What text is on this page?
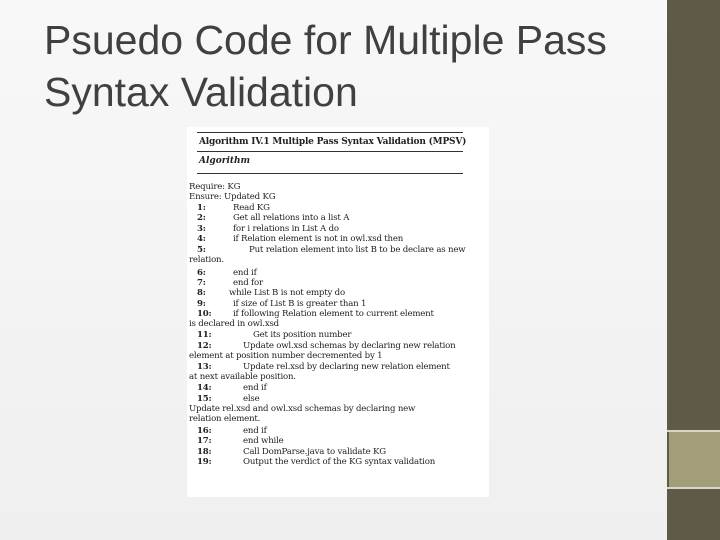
Psuedo Code for Multiple Pass
Syntax Validation
Algorithm IV.1 Multiple Pass Syntax Validation (MPSV)
Algorithm
Require: KG
Ensure: Updated KG
1:	Read KG
2:	Get all relations into a list A
3:	for i relations in List A do
4:	if Relation element is not in owl.xsd then
5:	Put relation element into list B to be declare as new
relation.
6:	end if
7:	end for
8:	while List B is not empty do
9:	if size of List B is greater than 1
10:	if following Relation element to current element
is declared in owl.xsd
11:	Get its position number
12:	Update owl.xsd schemas by declaring new relation
element at position number decremented by 1
13:	Update rel.xsd by declaring new relation element
at next available position.
14:	end if
15:	else
Update rel.xsd and owl.xsd schemas by declaring new
relation element.
16:	end if
17:	end while
18:	Call DomParse.java to validate KG
19:	Output the verdict of the KG syntax validation
